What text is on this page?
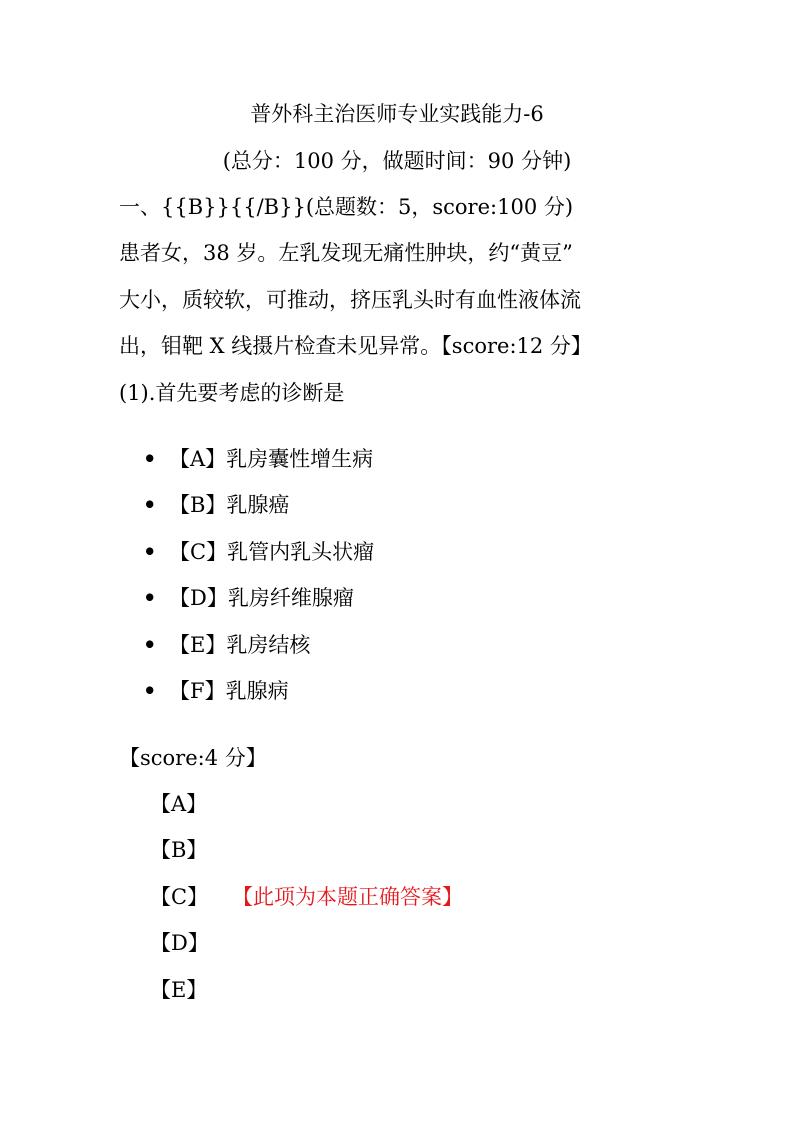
普外科主治医师专业实践能力-6
(总分：100 分，做题时间：90 分钟)
一、{{B}}{{/B}}(总题数：5，score:100 分)
患者女，38 岁。左乳发现无痛性肿块，约“黄豆”
大小，质较软，可推动，挤压乳头时有血性液体流
出，钼靶 X 线摄片检查未见异常。【score:12 分】
(1).首先要考虑的诊断是
• 【A】乳房囊性增生病
• 【B】乳腺癌
• 【C】乳管内乳头状瘤
• 【D】乳房纤维腺瘤
• 【E】乳房结核
• 【F】乳腺病
【score:4 分】
【A】
【B】
【C】 【此项为本题正确答案】
【D】
【E】
